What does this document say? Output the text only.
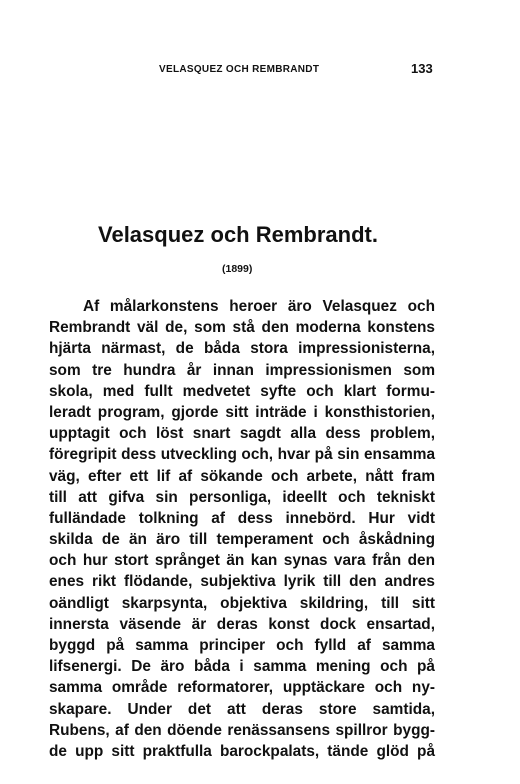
VELASQUEZ OCH REMBRANDT	133
Velasquez och Rembrandt.
(1899)
Af målarkonstens heroer äro Velasquez och
Rembrandt väl de, som stå den moderna konstens
hjärta närmast, de båda stora impressionisterna,
som tre hundra år innan impressionismen som
skola, med fullt medvetet syfte och klart formu-
leradt program, gjorde sitt inträde i konsthistorien,
upptagit och löst snart sagdt alla dess problem,
föregripit dess utveckling och, hvar på sin ensamma
väg, efter ett lif af sökande och arbete, nått fram
till att gifva sin personliga, ideellt och tekniskt
fulländade tolkning af dess innebörd. Hur vidt
skilda de än äro till temperament och åskådning
och hur stort språnget än kan synas vara från den
enes rikt flödande, subjektiva lyrik till den andres
oändligt skarpsynta, objektiva skildring, till sitt
innersta väsende är deras konst dock ensartad,
byggd på samma principer och fylld af samma
lifsenergi. De äro båda i samma mening och på
samma område reformatorer, upptäckare och ny-
skapare. Under det att deras store samtida,
Rubens, af den döende renässansens spillror bygg-
de upp sitt praktfulla barockpalats, tände glöd på
